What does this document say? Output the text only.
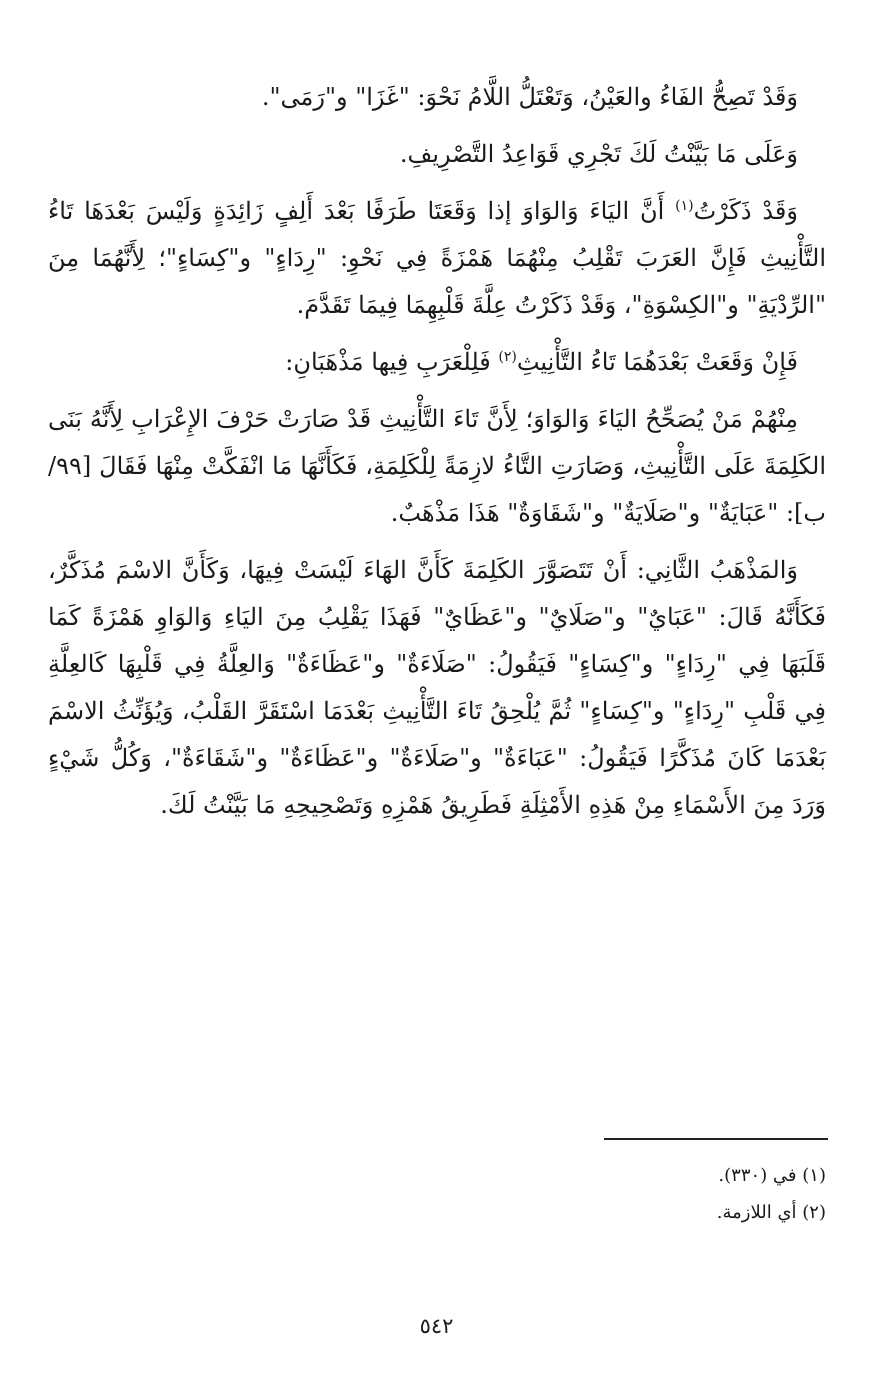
وَقَدْ تَصِحُّ الفَاءُ والعَيْنُ، وَتَعْتَلُّ اللَّامُ نَحْوَ: "غَزَا" و"رَمَى".

وَعَلَى مَا بَيَّنْتُ لَكَ تَجْرِي قَوَاعِدُ التَّصْرِيفِ.

وَقَدْ ذَكَرْتُ$^{(١)}$ أَنَّ اليَاءَ وَالوَاوَ إذا وَقَعَتَا طَرَفًا بَعْدَ أَلِفٍ زَائِدَةٍ وَلَيْسَ بَعْدَهَا تَاءُ التَّأْنِيثِ فَإِنَّ العَرَبَ تَقْلِبُ مِنْهُمَا هَمْزَةً فِي نَحْوِ: "رِدَاءٍ" و"كِسَاءٍ"؛ لِأَنَّهُمَا مِنَ "الرِّدْيَةِ" و"الكِسْوَةِ"، وَقَدْ ذَكَرْتُ عِلَّةَ قَلْبِهِمَا فِيمَا تَقَدَّمَ.

فَإِنْ وَقَعَتْ بَعْدَهُمَا تَاءُ التَّأْنِيثِ$^{(٢)}$ فَلِلْعَرَبِ فِيها مَذْهَبَانِ:

مِنْهُمْ مَنْ يُصَحِّحُ اليَاءَ وَالوَاوَ؛ لِأَنَّ تَاءَ التَّأْنِيثِ قَدْ صَارَتْ حَرْفَ الإِعْرَابِ لِأَنَّهُ بَنَى الكَلِمَةَ عَلَى التَّأْنِيثِ، وَصَارَتِ التَّاءُ لازِمَةً لِلْكَلِمَةِ، فَكَأَنَّهَا مَا انْفَكَّتْ مِنْهَا فَقَالَ [٩٩/ب]: "عَبَايَةٌ" و"صَلَايَةٌ" و"شَقَاوَةٌ" هَذَا مَذْهَبٌ.

وَالمَذْهَبُ الثَّانِي: أَنْ تَتَصَوَّرَ الكَلِمَةَ كَأَنَّ الهَاءَ لَيْسَتْ فِيهَا، وَكَأَنَّ الاسْمَ مُذَكَّرٌ، فَكَأَنَّهُ قَالَ: "عَبَايٌ" و"صَلَايٌ" و"عَظَايٌ" فَهَذَا يَقْلِبُ مِنَ اليَاءِ وَالوَاوِ هَمْزَةً كَمَا قَلَبَهَا فِي "رِدَاءٍ" و"كِسَاءٍ" فَيَقُولُ: "صَلَاءَةٌ" و"عَظَاءَةٌ" وَالعِلَّةُ فِي قَلْبِهَا كَالعِلَّةِ فِي قَلْبِ "رِدَاءٍ" و"كِسَاءٍ" ثُمَّ يُلْحِقُ تَاءَ التَّأْنِيثِ بَعْدَمَا اسْتَقَرَّ القَلْبُ، وَيُؤَنِّثُ الاسْمَ بَعْدَمَا كَانَ مُذَكَّرًا فَيَقُولُ: "عَبَاءَةٌ" و"صَلَاءَةٌ" و"عَظَاءَةٌ" و"شَقَاءَةٌ"، وَكُلُّ شَيْءٍ وَرَدَ مِنَ الأَسْمَاءِ مِنْ هَذِهِ الأَمْثِلَةِ فَطَرِيقُ هَمْزِهِ وَتَصْحِيحِهِ مَا بَيَّنْتُ لَكَ.

(١) في (٣٣٠).

(٢) أي اللازمة.

٥٤٢
